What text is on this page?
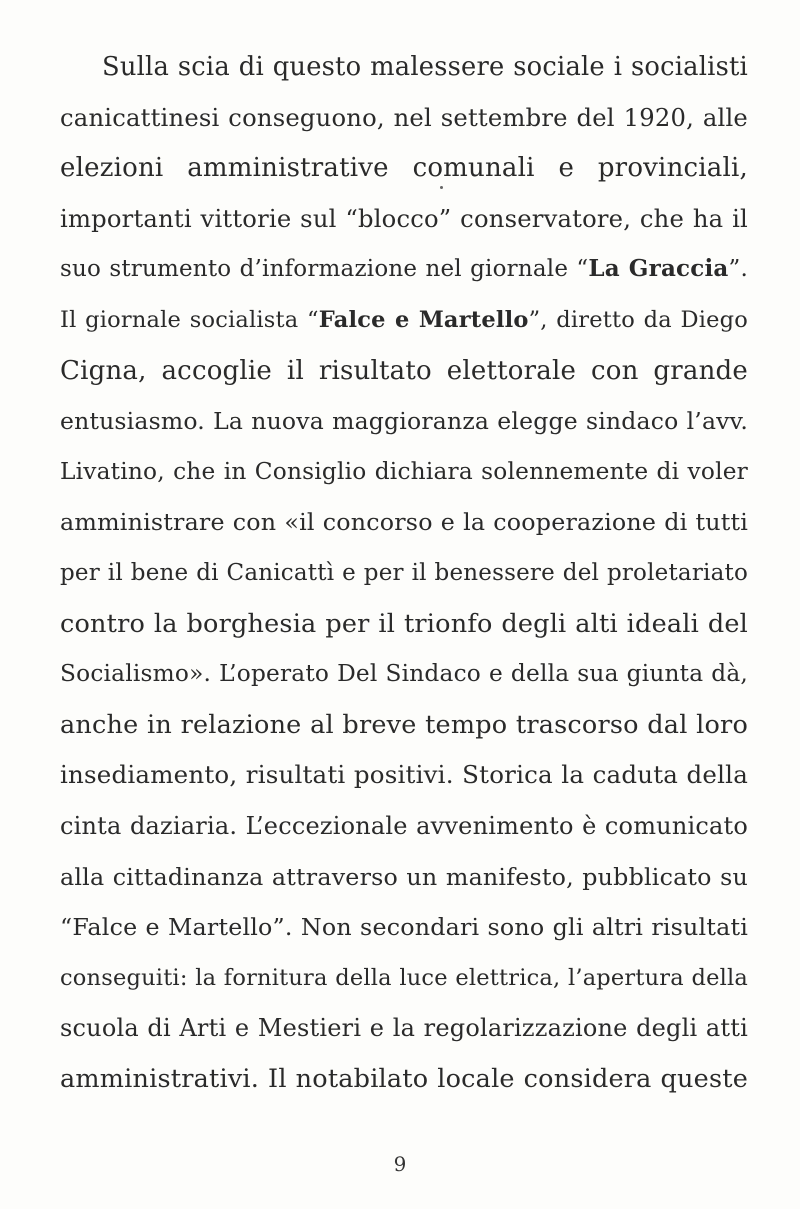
Sulla scia di questo malessere sociale i socialisti
canicattinesi conseguono, nel settembre del 1920, alle
elezioni amministrative comunali e provinciali,
importanti vittorie sul “blocco” conservatore, che ha il
suo strumento d’informazione nel giornale “La Graccia”.
Il giornale socialista “Falce e Martello”, diretto da Diego
Cigna, accoglie il risultato elettorale con grande
entusiasmo. La nuova maggioranza elegge sindaco l’avv.
Livatino, che in Consiglio dichiara solennemente di voler
amministrare con «il concorso e la cooperazione di tutti
per il bene di Canicattì e per il benessere del proletariato
contro la borghesia per il trionfo degli alti ideali del
Socialismo». L’operato Del Sindaco e della sua giunta dà,
anche in relazione al breve tempo trascorso dal loro
insediamento, risultati positivi. Storica la caduta della
cinta daziaria. L’eccezionale avvenimento è comunicato
alla cittadinanza attraverso un manifesto, pubblicato su
“Falce e Martello”. Non secondari sono gli altri risultati
conseguiti: la fornitura della luce elettrica, l’apertura della
scuola di Arti e Mestieri e la regolarizzazione degli atti
amministrativi. Il notabilato locale considera queste
9
